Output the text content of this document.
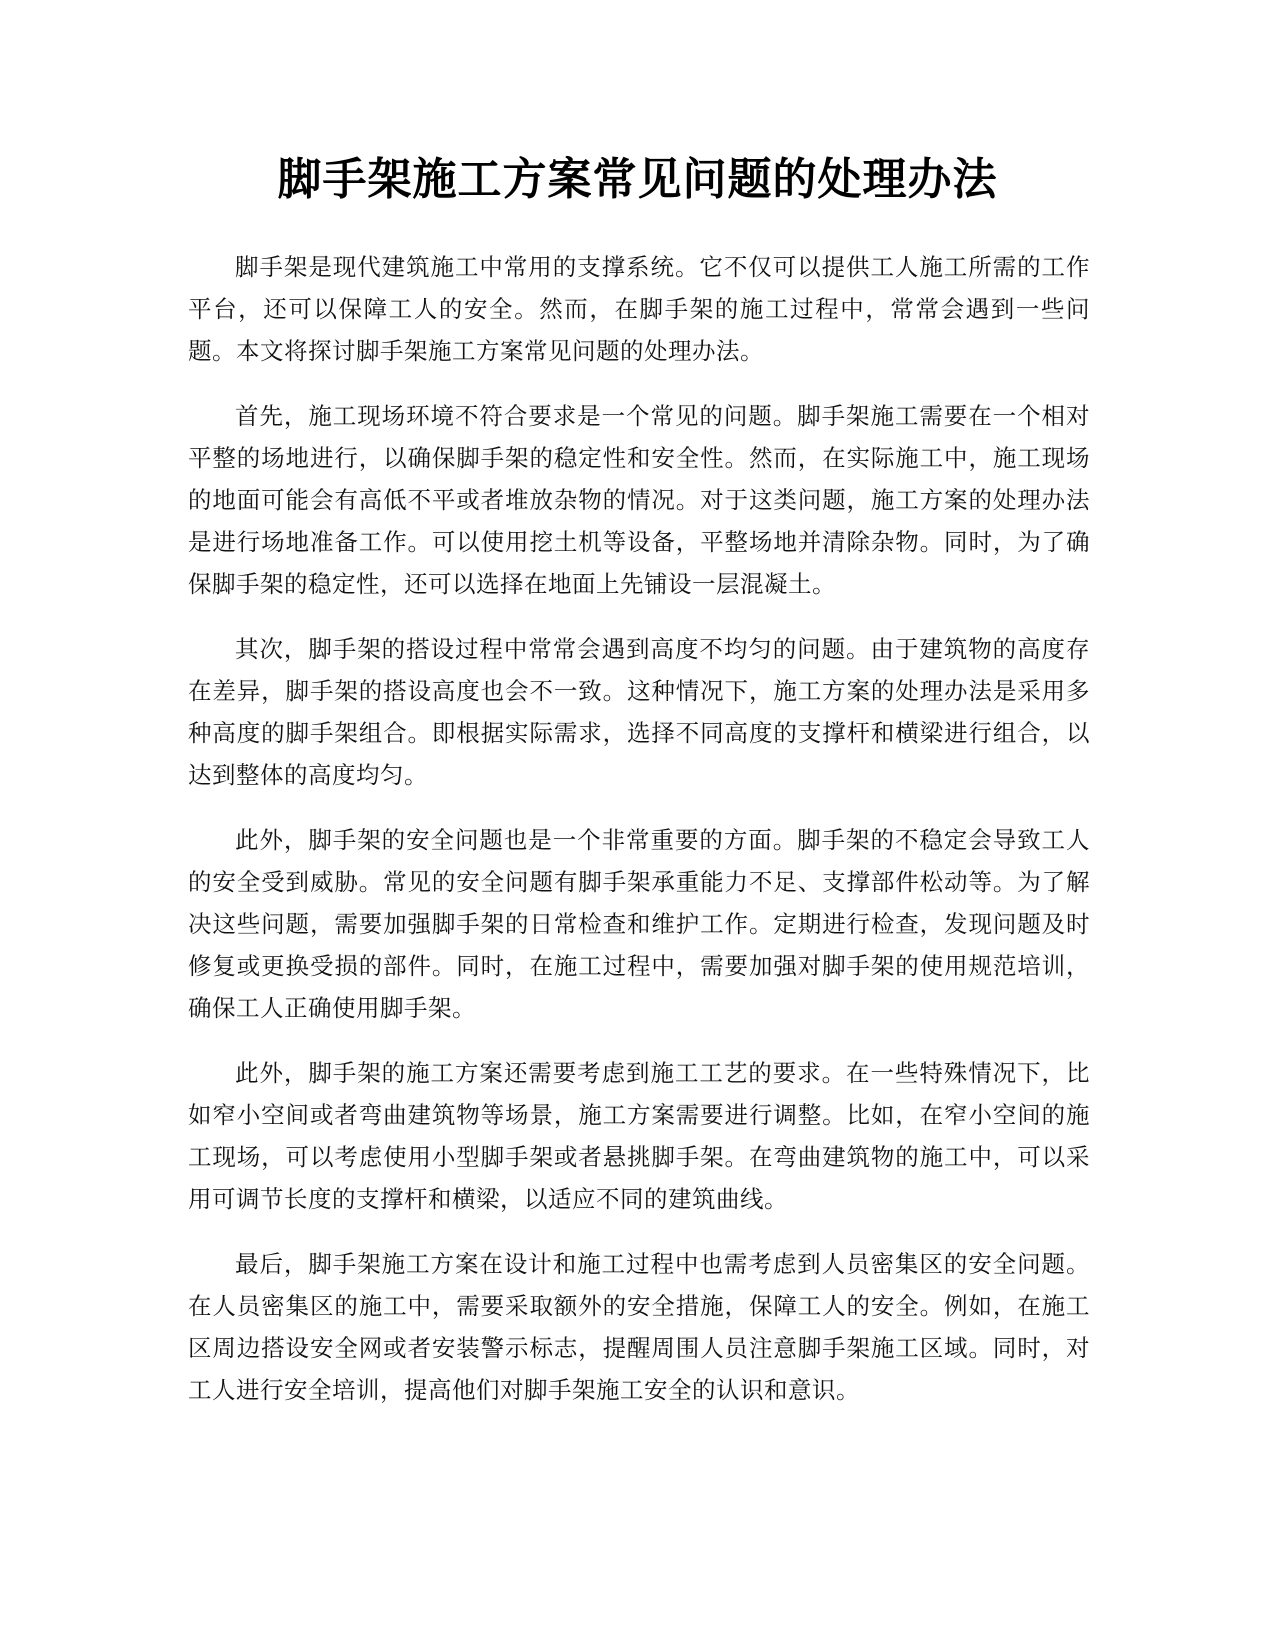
脚手架施工方案常见问题的处理办法

脚手架是现代建筑施工中常用的支撑系统。它不仅可以提供工人施工所需的工作平台，还可以保障工人的安全。然而，在脚手架的施工过程中，常常会遇到一些问题。本文将探讨脚手架施工方案常见问题的处理办法。

首先，施工现场环境不符合要求是一个常见的问题。脚手架施工需要在一个相对平整的场地进行，以确保脚手架的稳定性和安全性。然而，在实际施工中，施工现场的地面可能会有高低不平或者堆放杂物的情况。对于这类问题，施工方案的处理办法是进行场地准备工作。可以使用挖土机等设备，平整场地并清除杂物。同时，为了确保脚手架的稳定性，还可以选择在地面上先铺设一层混凝土。

其次，脚手架的搭设过程中常常会遇到高度不均匀的问题。由于建筑物的高度存在差异，脚手架的搭设高度也会不一致。这种情况下，施工方案的处理办法是采用多种高度的脚手架组合。即根据实际需求，选择不同高度的支撑杆和横梁进行组合，以达到整体的高度均匀。

此外，脚手架的安全问题也是一个非常重要的方面。脚手架的不稳定会导致工人的安全受到威胁。常见的安全问题有脚手架承重能力不足、支撑部件松动等。为了解决这些问题，需要加强脚手架的日常检查和维护工作。定期进行检查，发现问题及时修复或更换受损的部件。同时，在施工过程中，需要加强对脚手架的使用规范培训，确保工人正确使用脚手架。

此外，脚手架的施工方案还需要考虑到施工工艺的要求。在一些特殊情况下，比如窄小空间或者弯曲建筑物等场景，施工方案需要进行调整。比如，在窄小空间的施工现场，可以考虑使用小型脚手架或者悬挑脚手架。在弯曲建筑物的施工中，可以采用可调节长度的支撑杆和横梁，以适应不同的建筑曲线。

最后，脚手架施工方案在设计和施工过程中也需考虑到人员密集区的安全问题。在人员密集区的施工中，需要采取额外的安全措施，保障工人的安全。例如，在施工区周边搭设安全网或者安装警示标志，提醒周围人员注意脚手架施工区域。同时，对工人进行安全培训，提高他们对脚手架施工安全的认识和意识。
